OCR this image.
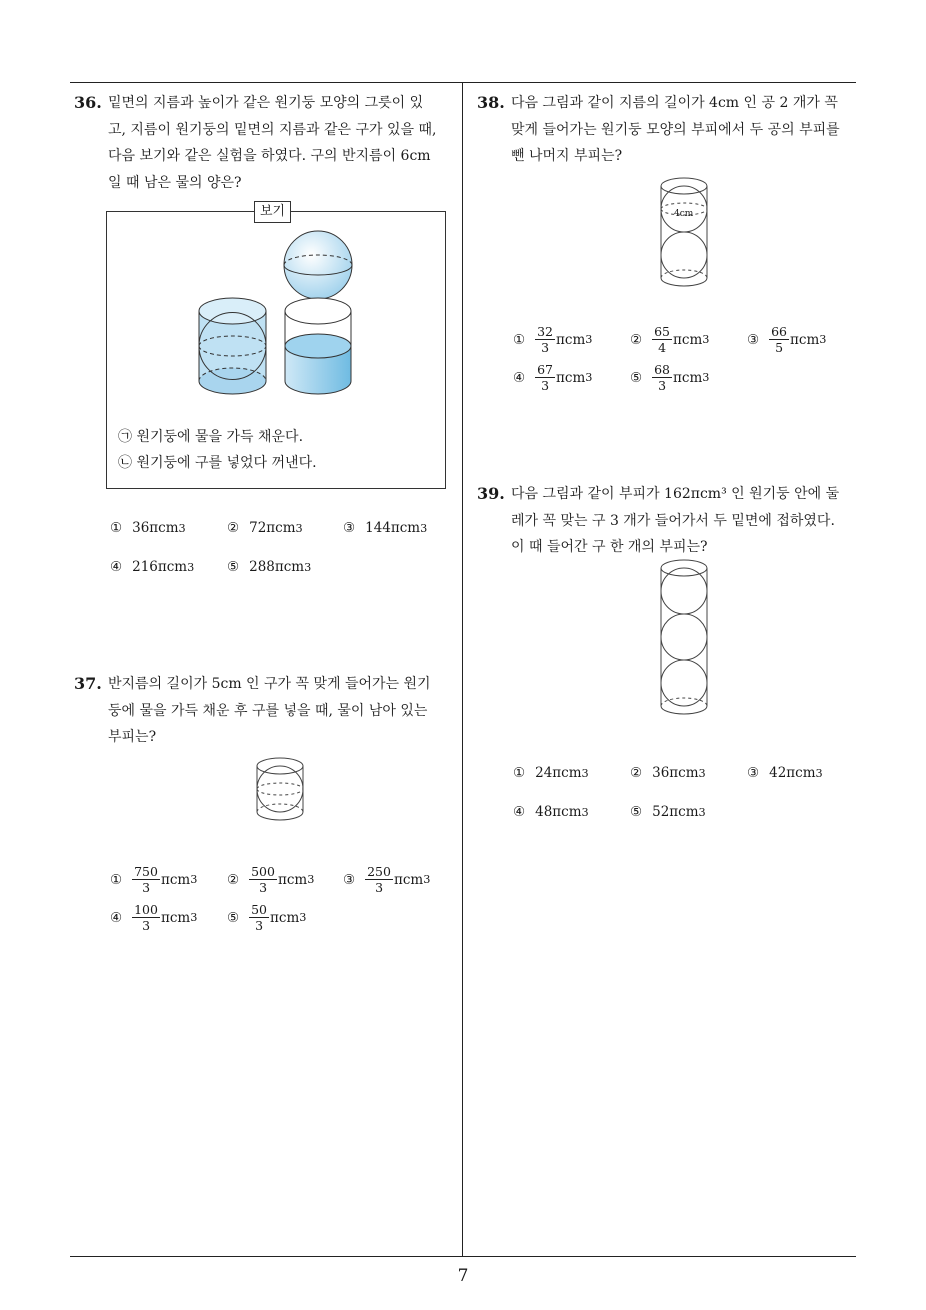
36. 밑면의 지름과 높이가 같은 원기둥 모양의 그릇이 있
고, 지름이 원기둥의 밑면의 지름과 같은 구가 있을 때,
다음 보기와 같은 실험을 하였다. 구의 반지름이 6cm
일 때 남은 물의 양은?
보기
㉠ 원기둥에 물을 가득 채운다.
㉡ 원기둥에 구를 넣었다 꺼낸다.
① 36π cm 3	② 72π cm 3	③ 144π cm 3
④ 216π cm 3 ⑤ 288π cm 3
37. 반지름의 길이가 5cm 인 구가 꼭 맞게 들어가는 원기
둥에 물을 가득 채운 후 구를 넣을 때, 물이 남아 있는
부피는?
① $\frac{750}{3}$ πcm 3 ② $\frac{500}{3}$ πcm 3 ③ $\frac{250}{3}$ πcm 3
④ $\frac{100}{3}$ πcm 3 ⑤ $\frac{50}{3}$ πcm 3
38. 다음 그림과 같이 지름의 길이가 4cm 인 공 2 개가 꼭
맞게 들어가는 원기둥 모양의 부피에서 두 공의 부피를
뺀 나머지 부피는?
4cm
① $\frac{32}{3}$ πcm 3	② $\frac{65}{4}$ πcm 3	③ $\frac{66}{5}$ πcm 3
④ $\frac{67}{3}$ πcm 3	⑤ $\frac{68}{3}$ πcm 3
39. 다음 그림과 같이 부피가 162πcm³ 인 원기둥 안에 둘
레가 꼭 맞는 구 3 개가 들어가서 두 밑면에 접하였다.
이 때 들어간 구 한 개의 부피는?
① 24π cm 3	② 36π cm 3	③ 42π cm 3
④ 48π cm 3	⑤ 52π cm 3
7
